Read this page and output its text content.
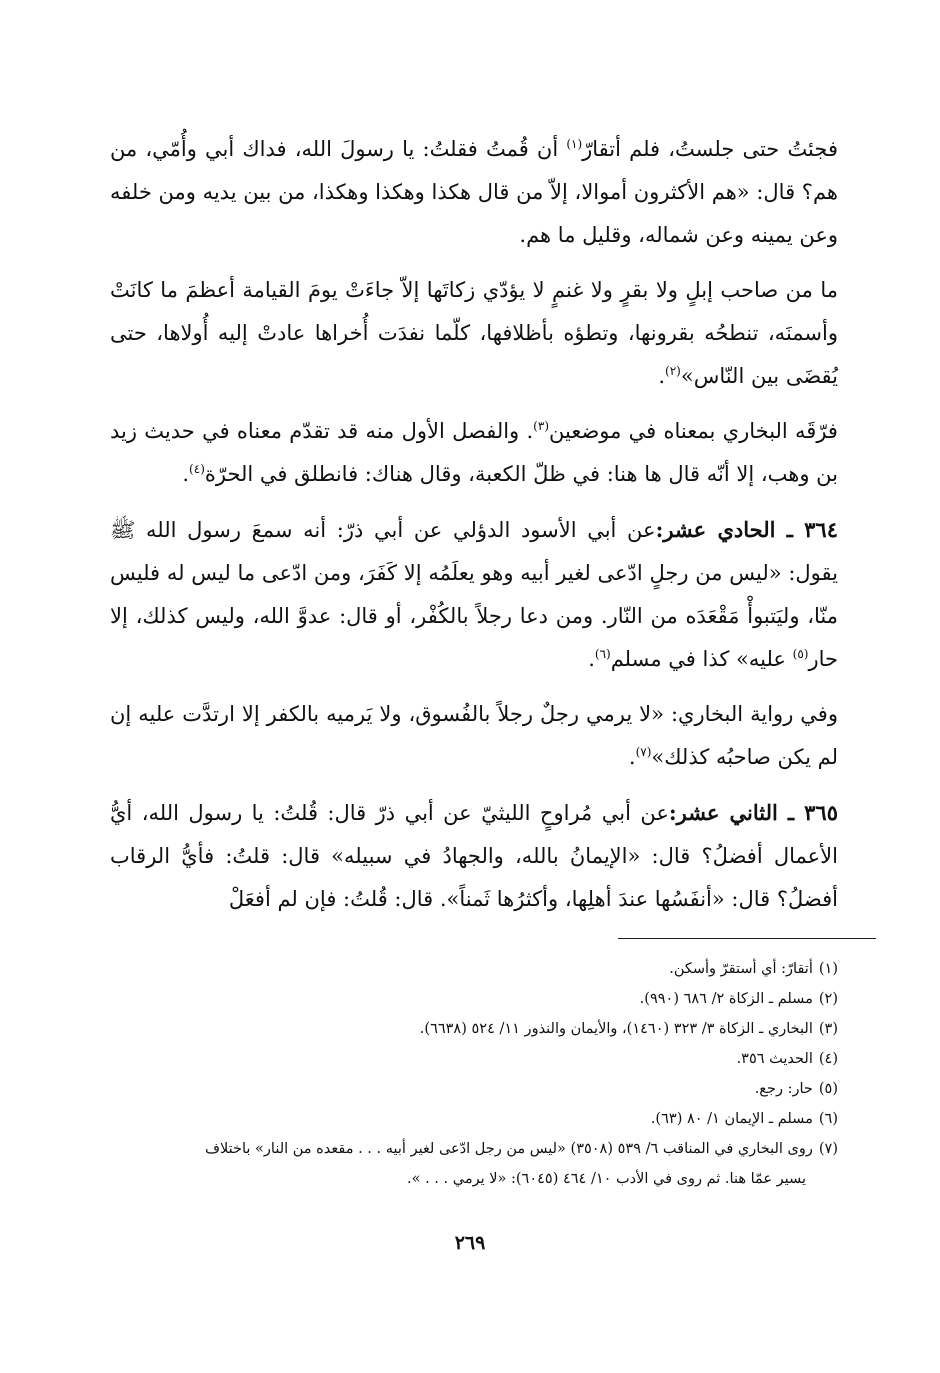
فجئتُ حتى جلستُ، فلم أتقارّ$^{(١)}$ أن قُمتُ فقلتُ: يا رسولَ الله، فداك أبي وأُمّي، من هم؟ قال: «هم الأكثرون أموالا، إلاّ من قال هكذا وهكذا وهكذا، من بين يديه ومن خلفه وعن يمينه وعن شماله، وقليل ما هم.

ما من صاحب إبلٍ ولا بقرٍ ولا غنمٍ لا يؤدّي زكاتَها إلاّ جاءَتْ يومَ القيامة أعظمَ ما كانَتْ وأسمنَه، تنطحُه بقرونها، وتطؤه بأظلافها، كلّما نفدَت أُخراها عادتْ إليه أُولاها، حتى يُقضَى بين النّاس»$^{(٢)}$.

فرّقَه البخاري بمعناه في موضعين$^{(٣)}$. والفصل الأول منه قد تقدّم معناه في حديث زيد بن وهب، إلا أنّه قال ها هنا: في ظلّ الكعبة، وقال هناك: فانطلق في الحرّة$^{(٤)}$.

٣٦٤ ـ الحادي عشر:عن أبي الأسود الدؤلي عن أبي ذرّ: أنه سمعَ رسول الله ﷺ يقول: «ليس من رجلٍ ادّعى لغير أبيه وهو يعلَمُه إلا كَفَرَ، ومن ادّعى ما ليس له فليس منّا، وليَتبوأْ مَقْعَدَه من النّار. ومن دعا رجلاً بالكُفْر، أو قال: عدوَّ الله، وليس كذلك، إلا حار$^{(٥)}$ عليه» كذا في مسلم$^{(٦)}$.

وفي رواية البخاري: «لا يرمي رجلٌ رجلاً بالفُسوق، ولا يَرميه بالكفر إلا ارتدَّت عليه إن لم يكن صاحبُه كذلك»$^{(٧)}$.

٣٦٥ ـ الثاني عشر:عن أبي مُراوحٍ الليثيّ عن أبي ذرّ قال: قُلتُ: يا رسول الله، أيُّ الأعمال أفضلُ؟ قال: «الإيمانُ بالله، والجهادُ في سبيله» قال: قلتُ: فأيُّ الرقاب أفضلُ؟ قال: «أنفَسُها عندَ أهلِها، وأكثرُها ثَمناً». قال: قُلتُ: فإن لم أفعَلْ

(١)أتقارّ: أي أستقرّ وأسكن.

(٢)مسلم ـ الزكاة ٢/ ٦٨٦ (٩٩٠).

(٣)البخاري ـ الزكاة ٣/ ٣٢٣ (١٤٦٠)، والأيمان والنذور ١١/ ٥٢٤ (٦٦٣٨).

(٤)الحديث ٣٥٦.

(٥)حار: رجع.

(٦)مسلم ـ الإيمان ١/ ٨٠ (٦٣).

(٧)روى البخاري في المناقب ٦/ ٥٣٩ (٣٥٠٨) «ليس من رجل ادّعى لغير أبيه . . . مقعده من النار» باختلاف
يسير عمّا هنا. ثم روى في الأدب ١٠/ ٤٦٤ (٦٠٤٥): «لا يرمي . . . ».

٢٦٩
